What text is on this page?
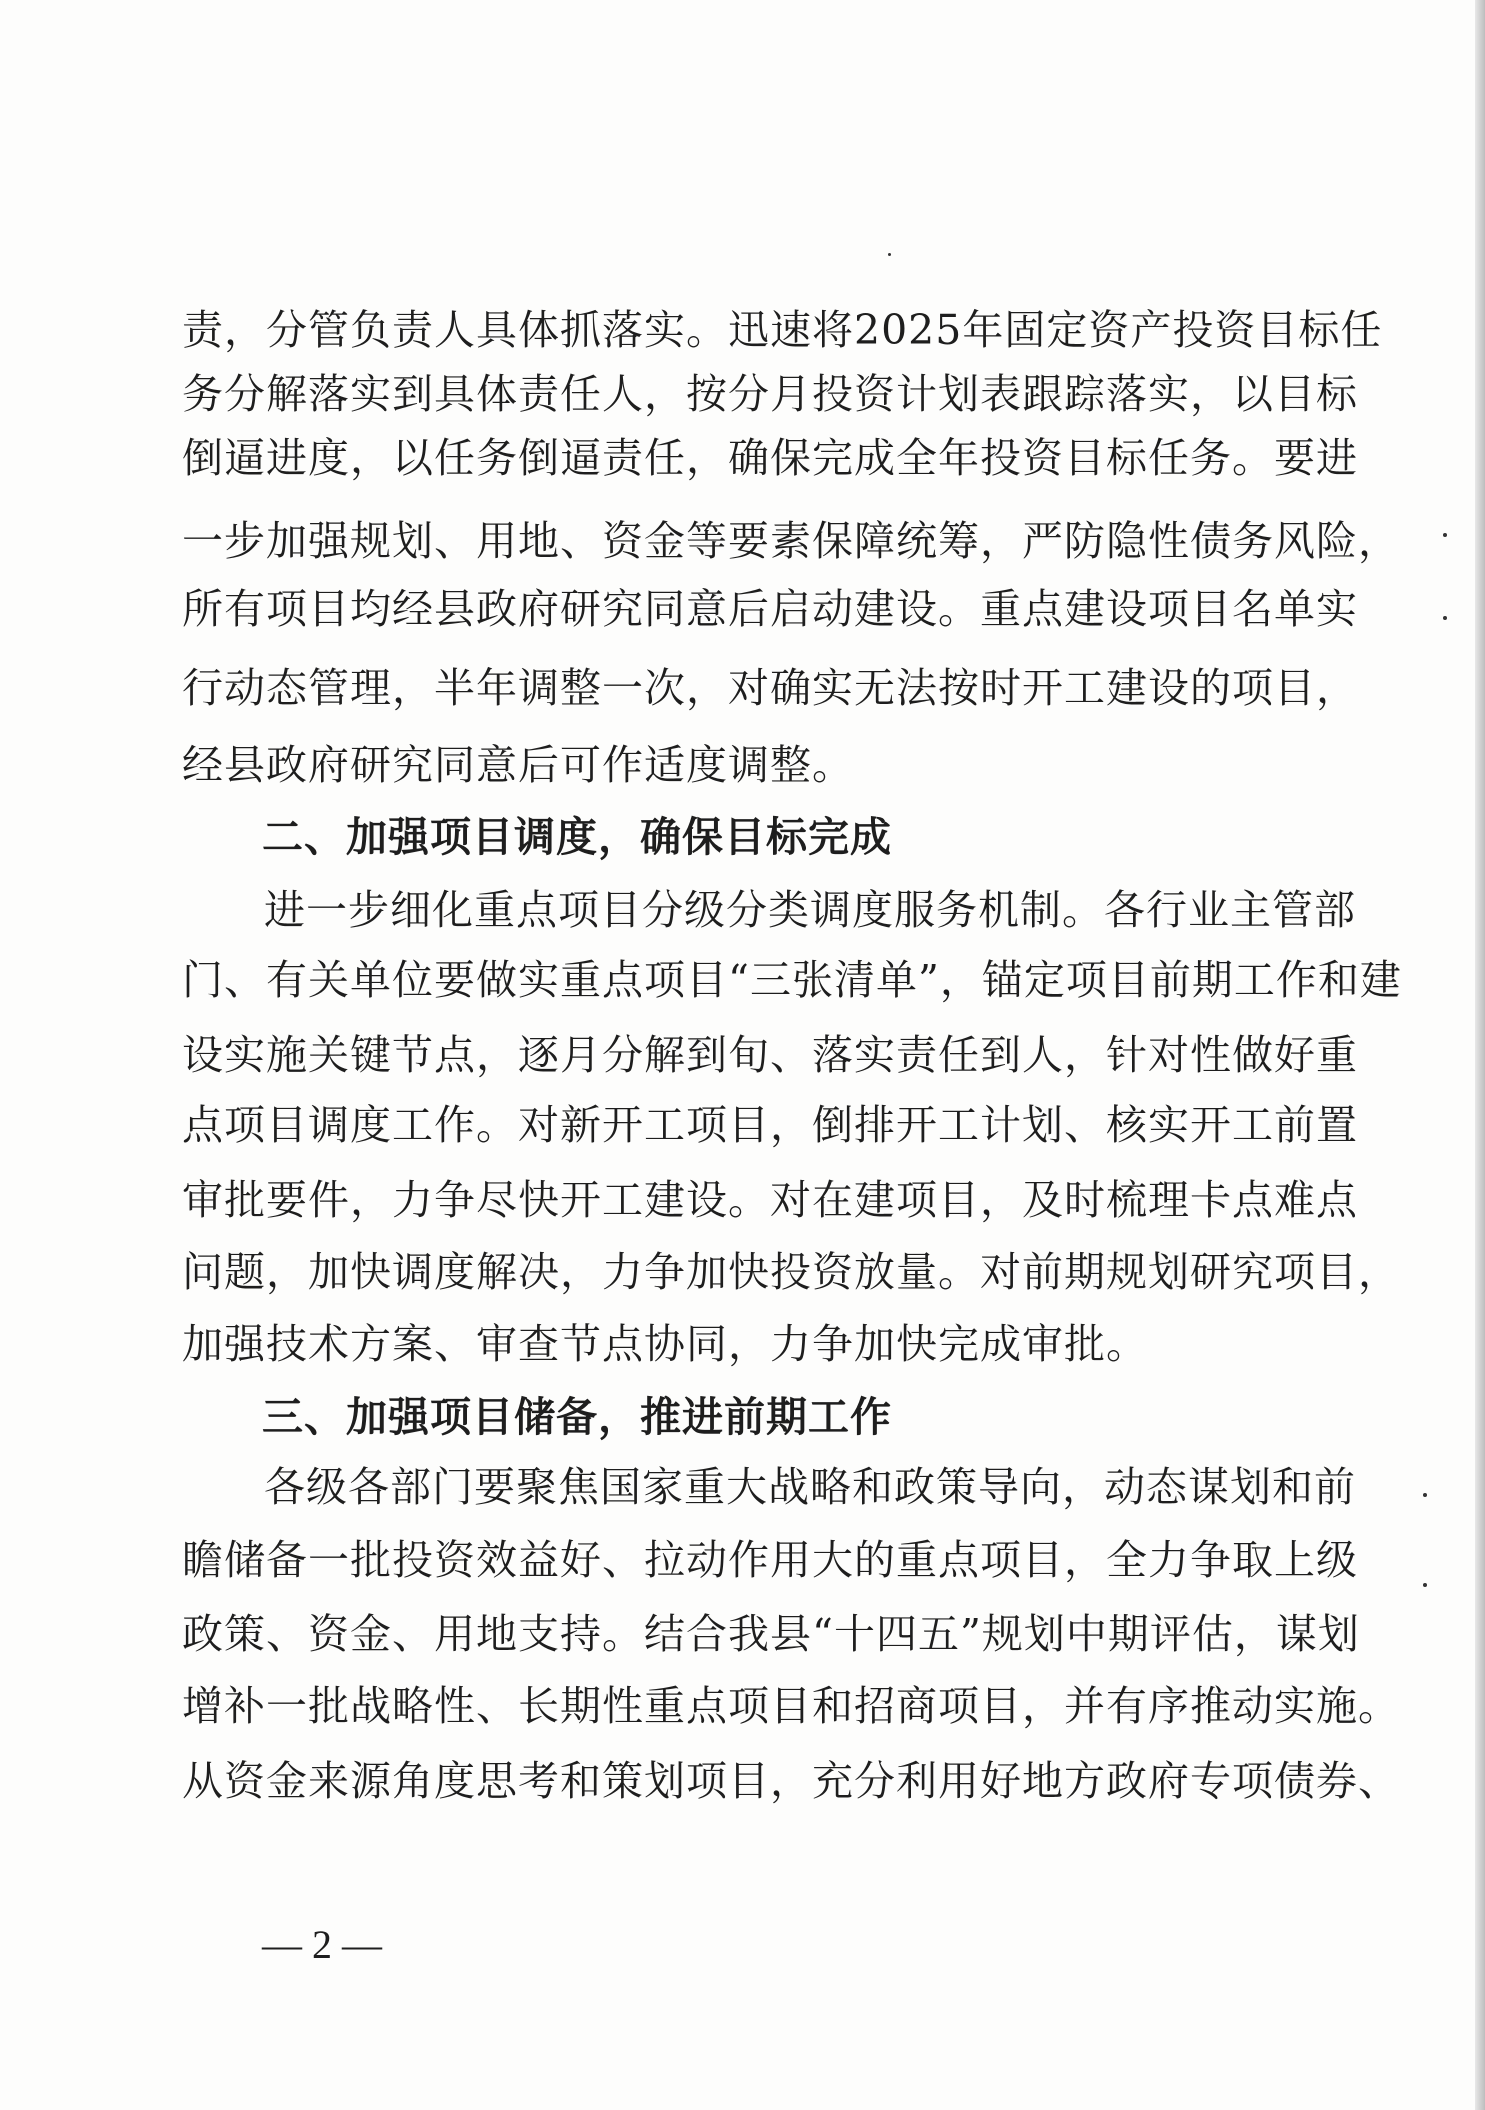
责，分管负责人具体抓落实。迅速将2025年固定资产投资目标任
务分解落实到具体责任人，按分月投资计划表跟踪落实，以目标
倒逼进度，以任务倒逼责任，确保完成全年投资目标任务。要进
一步加强规划、用地、资金等要素保障统筹，严防隐性债务风险，
所有项目均经县政府研究同意后启动建设。重点建设项目名单实
行动态管理，半年调整一次，对确实无法按时开工建设的项目，
经县政府研究同意后可作适度调整。
二、加强项目调度，确保目标完成
进一步细化重点项目分级分类调度服务机制。各行业主管部
门、有关单位要做实重点项目“三张清单”，锚定项目前期工作和建
设实施关键节点，逐月分解到旬、落实责任到人，针对性做好重
点项目调度工作。对新开工项目，倒排开工计划、核实开工前置
审批要件，力争尽快开工建设。对在建项目，及时梳理卡点难点
问题，加快调度解决，力争加快投资放量。对前期规划研究项目，
加强技术方案、审查节点协同，力争加快完成审批。
三、加强项目储备，推进前期工作
各级各部门要聚焦国家重大战略和政策导向，动态谋划和前
瞻储备一批投资效益好、拉动作用大的重点项目，全力争取上级
政策、资金、用地支持。结合我县“十四五”规划中期评估，谋划
增补一批战略性、长期性重点项目和招商项目，并有序推动实施。
从资金来源角度思考和策划项目，充分利用好地方政府专项债券、
— 2 —
